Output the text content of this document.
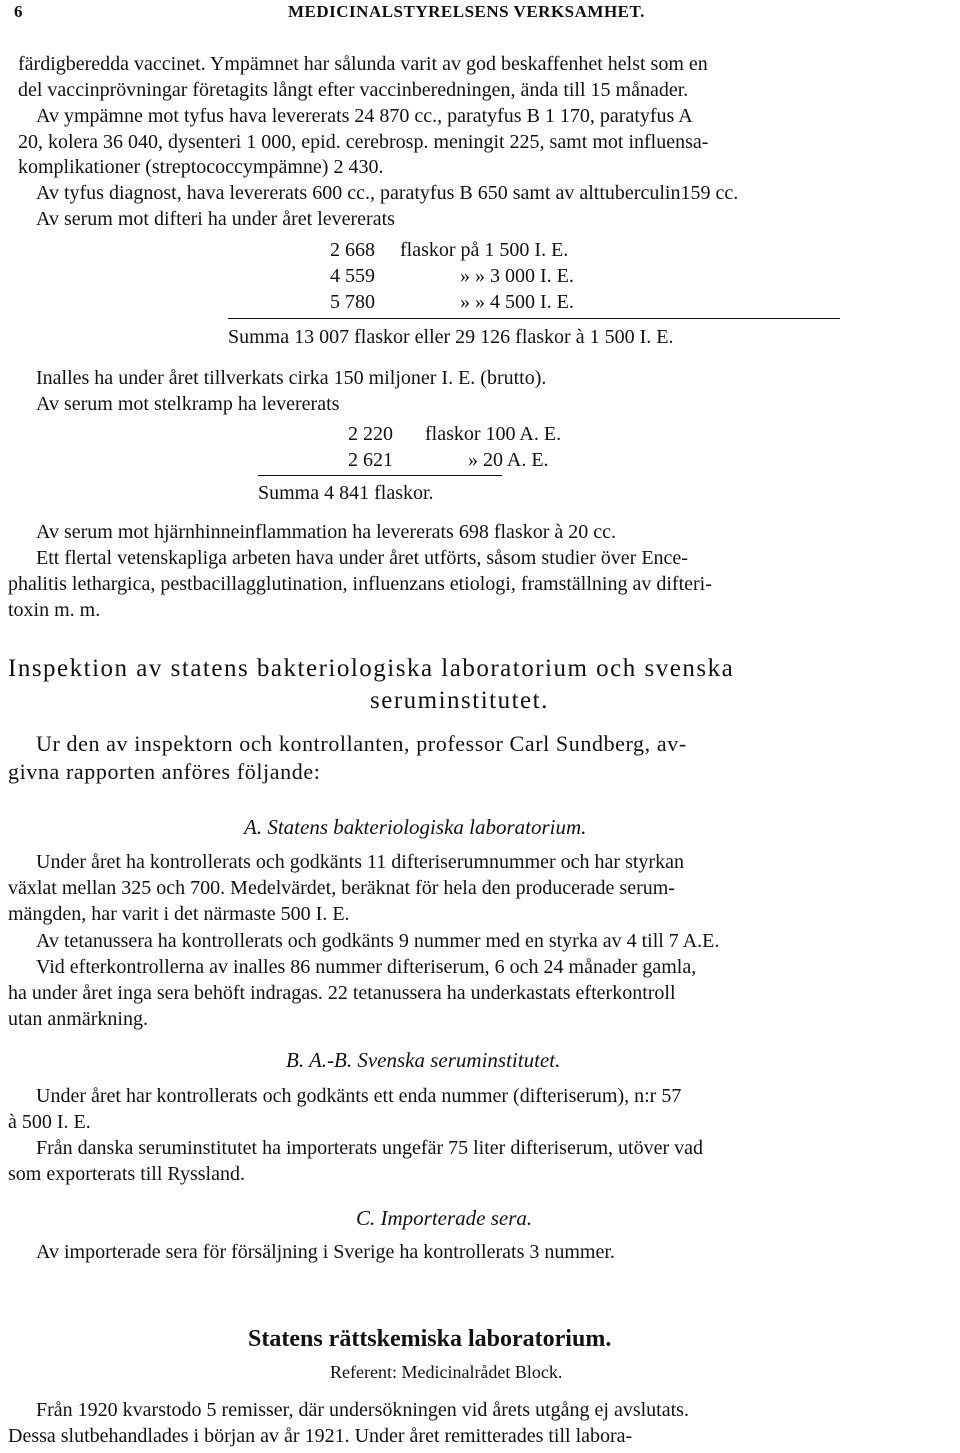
6	MEDICINALSTYRELSENS VERKSAMHET.
färdigberedda vaccinet. Ympämnet har sålunda varit av god beskaffenhet helst som en
del vaccinprövningar företagits långt efter vaccinberedningen, ända till 15 månader.
Av ympämne mot tyfus hava levererats 24 870 cc., paratyfus B 1 170, paratyfus A
20, kolera 36 040, dysenteri 1 000, epid. cerebrosp. meningit 225, samt mot influensa-
komplikationer (streptococcympämne) 2 430.
Av tyfus diagnost, hava levererats 600 cc., paratyfus B 650 samt av alttuberculin159 cc.
Av serum mot difteri ha under året levererats
2 668 flaskor på 1 500 I. E.
4 559	» » 3 000 I. E.
5 780	» » 4 500 I. E.
Summa 13 007 flaskor eller 29 126 flaskor à 1 500 I. E.
Inalles ha under året tillverkats cirka 150 miljoner I. E. (brutto).
Av serum mot stelkramp ha levererats
2 220 flaskor 100 A. E.
2 621	» 20 A. E.
Summa 4 841 flaskor.
Av serum mot hjärnhinneinflammation ha levererats 698 flaskor à 20 cc.
Ett flertal vetenskapliga arbeten hava under året utförts, såsom studier över Ence-
phalitis lethargica, pestbacillagglutination, influenzans etiologi, framställning av difteri-
toxin m. m.
Inspektion av statens bakteriologiska laboratorium och svenska
seruminstitutet.
Ur den av inspektorn och kontrollanten, professor Carl Sundberg, av-
givna rapporten anföres följande:
A. Statens bakteriologiska laboratorium.
Under året ha kontrollerats och godkänts 11 difteriserumnummer och har styrkan
växlat mellan 325 och 700. Medelvärdet, beräknat för hela den producerade serum-
mängden, har varit i det närmaste 500 I. E.
Av tetanussera ha kontrollerats och godkänts 9 nummer med en styrka av 4 till 7 A.E.
Vid efterkontrollerna av inalles 86 nummer difteriserum, 6 och 24 månader gamla,
ha under året inga sera behöft indragas. 22 tetanussera ha underkastats efterkontroll
utan anmärkning.
B. A.-B. Svenska seruminstitutet.
Under året har kontrollerats och godkänts ett enda nummer (difteriserum), n:r 57
à 500 I. E.
Från danska seruminstitutet ha importerats ungefär 75 liter difteriserum, utöver vad
som exporterats till Ryssland.
C. Importerade sera.
Av importerade sera för försäljning i Sverige ha kontrollerats 3 nummer.
Statens rättskemiska laboratorium.
Referent: Medicinalrådet Block.
Från 1920 kvarstodo 5 remisser, där undersökningen vid årets utgång ej avslutats.
Dessa slutbehandlades i början av år 1921. Under året remitterades till labora-
